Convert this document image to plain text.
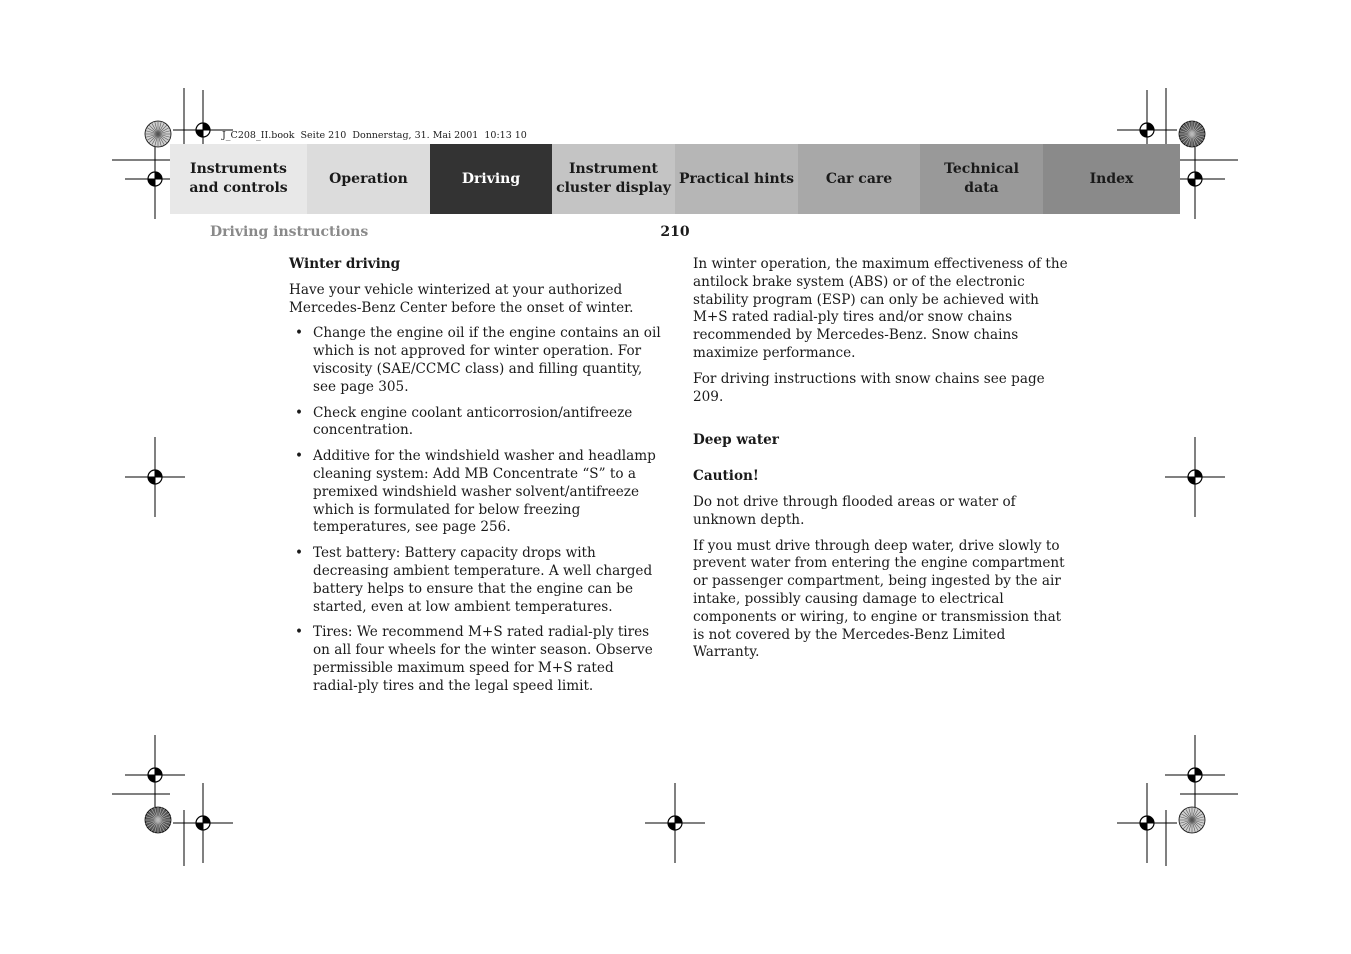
J_C208_II.book  Seite 210  Donnerstag, 31. Mai 2001  10:13 10
Instruments
and controls
Operation	Driving
Instrument
cluster display
Practical hints	Car care
Technical
data
Index
Driving instructions	210
Winter driving

Have your vehicle winterized at your authorized Mercedes-Benz Center before the onset of winter.

• Change the engine oil if the engine contains an oil which is not approved for winter operation. For viscosity (SAE/CCMC class) and filling quantity, see page 305.
• Check engine coolant anticorrosion/antifreeze concentration.
• Additive for the windshield washer and headlamp cleaning system: Add MB Concentrate “S” to a premixed windshield washer solvent/antifreeze which is formulated for below freezing temperatures, see page 256.
• Test battery: Battery capacity drops with decreasing ambient temperature. A well charged battery helps to ensure that the engine can be started, even at low ambient temperatures.
• Tires: We recommend M+S rated radial-ply tires on all four wheels for the winter season. Observe permissible maximum speed for M+S rated radial-ply tires and the legal speed limit.

In winter operation, the maximum effectiveness of the antilock brake system (ABS) or of the electronic stability program (ESP) can only be achieved with M+S rated radial-ply tires and/or snow chains recommended by Mercedes-Benz. Snow chains maximize performance.

For driving instructions with snow chains see page 209.

Deep water
Caution!

Do not drive through flooded areas or water of unknown depth.

If you must drive through deep water, drive slowly to prevent water from entering the engine compartment or passenger compartment, being ingested by the air intake, possibly causing damage to electrical components or wiring, to engine or transmission that is not covered by the Mercedes-Benz Limited Warranty.
